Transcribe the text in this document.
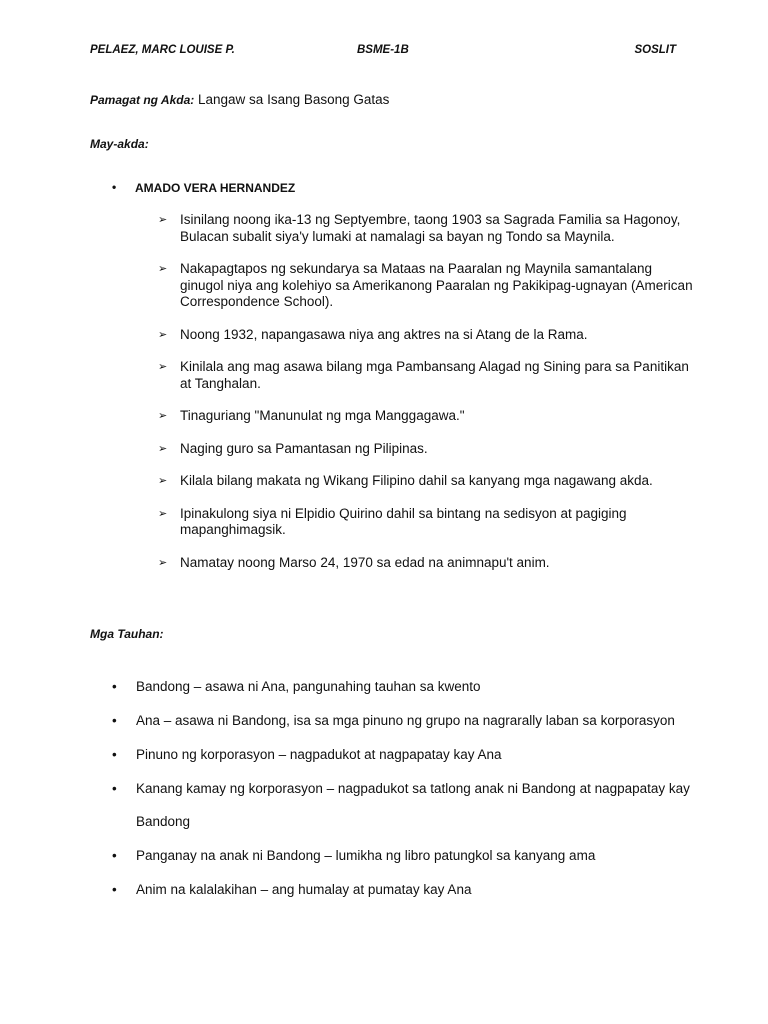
PELAEZ, MARC LOUISE P.	BSME-1B	SOSLIT
Pamagat ng Akda: Langaw sa Isang Basong Gatas
May-akda:
• AMADO VERA HERNANDEZ
➢ Isinilang noong ika-13 ng Septyembre, taong 1903 sa Sagrada Familia sa Hagonoy, Bulacan subalit siya'y lumaki at namalagi sa bayan ng Tondo sa Maynila.
➢ Nakapagtapos ng sekundarya sa Mataas na Paaralan ng Maynila samantalang ginugol niya ang kolehiyo sa Amerikanong Paaralan ng Pakikipag-ugnayan (American Correspondence School).
➢ Noong 1932, napangasawa niya ang aktres na si Atang de la Rama.
➢ Kinilala ang mag asawa bilang mga Pambansang Alagad ng Sining para sa Panitikan at Tanghalan.
➢ Tinaguriang "Manunulat ng mga Manggagawa."
➢ Naging guro sa Pamantasan ng Pilipinas.
➢ Kilala bilang makata ng Wikang Filipino dahil sa kanyang mga nagawang akda.
➢ Ipinakulong siya ni Elpidio Quirino dahil sa bintang na sedisyon at pagiging mapanghimagsik.
➢ Namatay noong Marso 24, 1970 sa edad na animnapu't anim.
Mga Tauhan:
• Bandong – asawa ni Ana, pangunahing tauhan sa kwento
• Ana – asawa ni Bandong, isa sa mga pinuno ng grupo na nagrarally laban sa korporasyon
• Pinuno ng korporasyon – nagpadukot at nagpapatay kay Ana
• Kanang kamay ng korporasyon – nagpadukot sa tatlong anak ni Bandong at nagpapatay kay Bandong
• Panganay na anak ni Bandong – lumikha ng libro patungkol sa kanyang ama
• Anim na kalalakihan – ang humalay at pumatay kay Ana
